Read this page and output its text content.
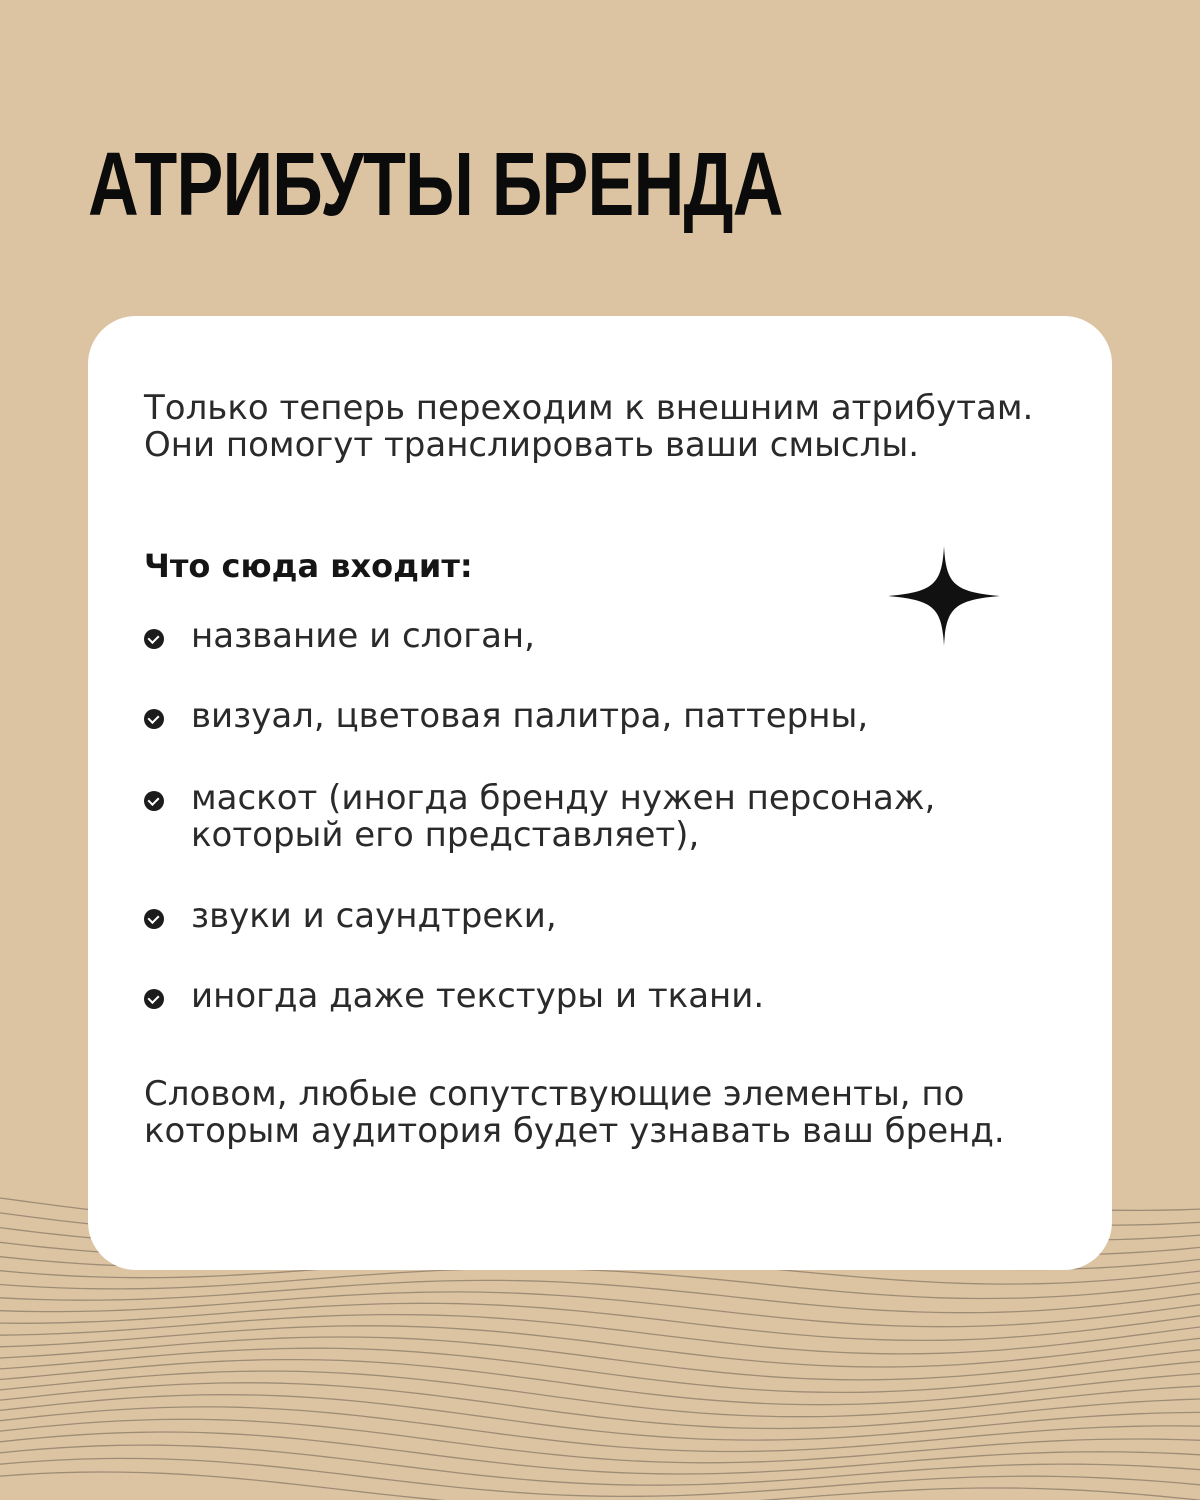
АТРИБУТЫ БРЕНДА

Только теперь переходим к внешним атрибутам. Они помогут транслировать ваши смыслы.

Что сюда входит:

название и слоган,

визуал, цветовая палитра, паттерны,

маскот (иногда бренду нужен персонаж, который его представляет),

звуки и саундтреки,

иногда даже текстуры и ткани.

Словом, любые сопутствующие элементы, по которым аудитория будет узнавать ваш бренд.
